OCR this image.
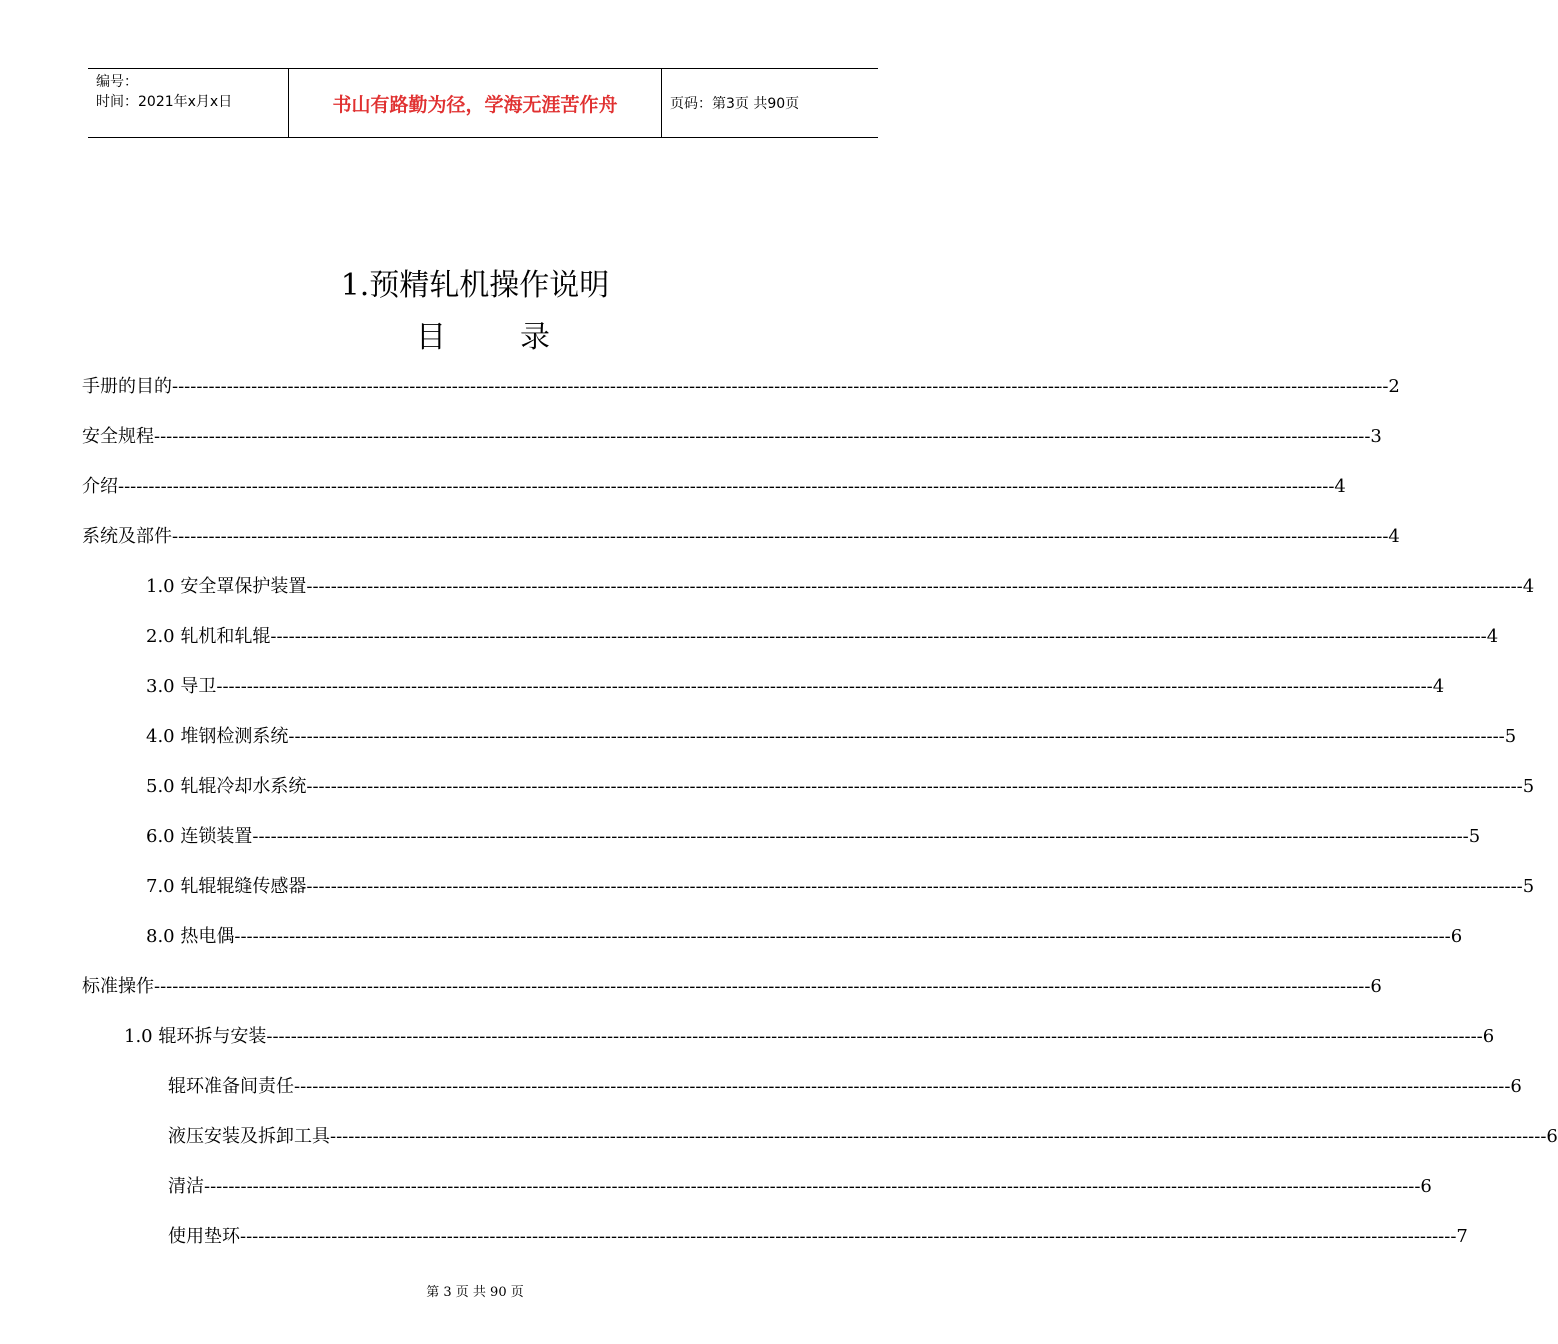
编号：
时间：2021年x月x日	书山有路勤为径，学海无涯苦作舟	页码：第3页 共90页
1.预精轧机操作说明
目 录
手册的目的 -------------------------------------------------------------------------------------------------------------------------------------------------------------------------------------------------------- 2
安全规程 -------------------------------------------------------------------------------------------------------------------------------------------------------------------------------------------------------- 3
介绍 -------------------------------------------------------------------------------------------------------------------------------------------------------------------------------------------------------- 4
系统及部件 -------------------------------------------------------------------------------------------------------------------------------------------------------------------------------------------------------- 4
1.0 安全罩保护装置 -------------------------------------------------------------------------------------------------------------------------------------------------------------------------------------------------------- 4
2.0 轧机和轧辊 -------------------------------------------------------------------------------------------------------------------------------------------------------------------------------------------------------- 4
3.0 导卫 -------------------------------------------------------------------------------------------------------------------------------------------------------------------------------------------------------- 4
4.0 堆钢检测系统 -------------------------------------------------------------------------------------------------------------------------------------------------------------------------------------------------------- 5
5.0 轧辊冷却水系统 -------------------------------------------------------------------------------------------------------------------------------------------------------------------------------------------------------- 5
6.0 连锁装置 -------------------------------------------------------------------------------------------------------------------------------------------------------------------------------------------------------- 5
7.0 轧辊辊缝传感器 -------------------------------------------------------------------------------------------------------------------------------------------------------------------------------------------------------- 5
8.0 热电偶 -------------------------------------------------------------------------------------------------------------------------------------------------------------------------------------------------------- 6
标准操作 -------------------------------------------------------------------------------------------------------------------------------------------------------------------------------------------------------- 6
1.0 辊环拆与安装 -------------------------------------------------------------------------------------------------------------------------------------------------------------------------------------------------------- 6
辊环准备间责任 -------------------------------------------------------------------------------------------------------------------------------------------------------------------------------------------------------- 6
液压安装及拆卸工具 -------------------------------------------------------------------------------------------------------------------------------------------------------------------------------------------------------- 6
清洁 -------------------------------------------------------------------------------------------------------------------------------------------------------------------------------------------------------- 6
使用垫环 -------------------------------------------------------------------------------------------------------------------------------------------------------------------------------------------------------- 7
第 3 页 共 90 页
